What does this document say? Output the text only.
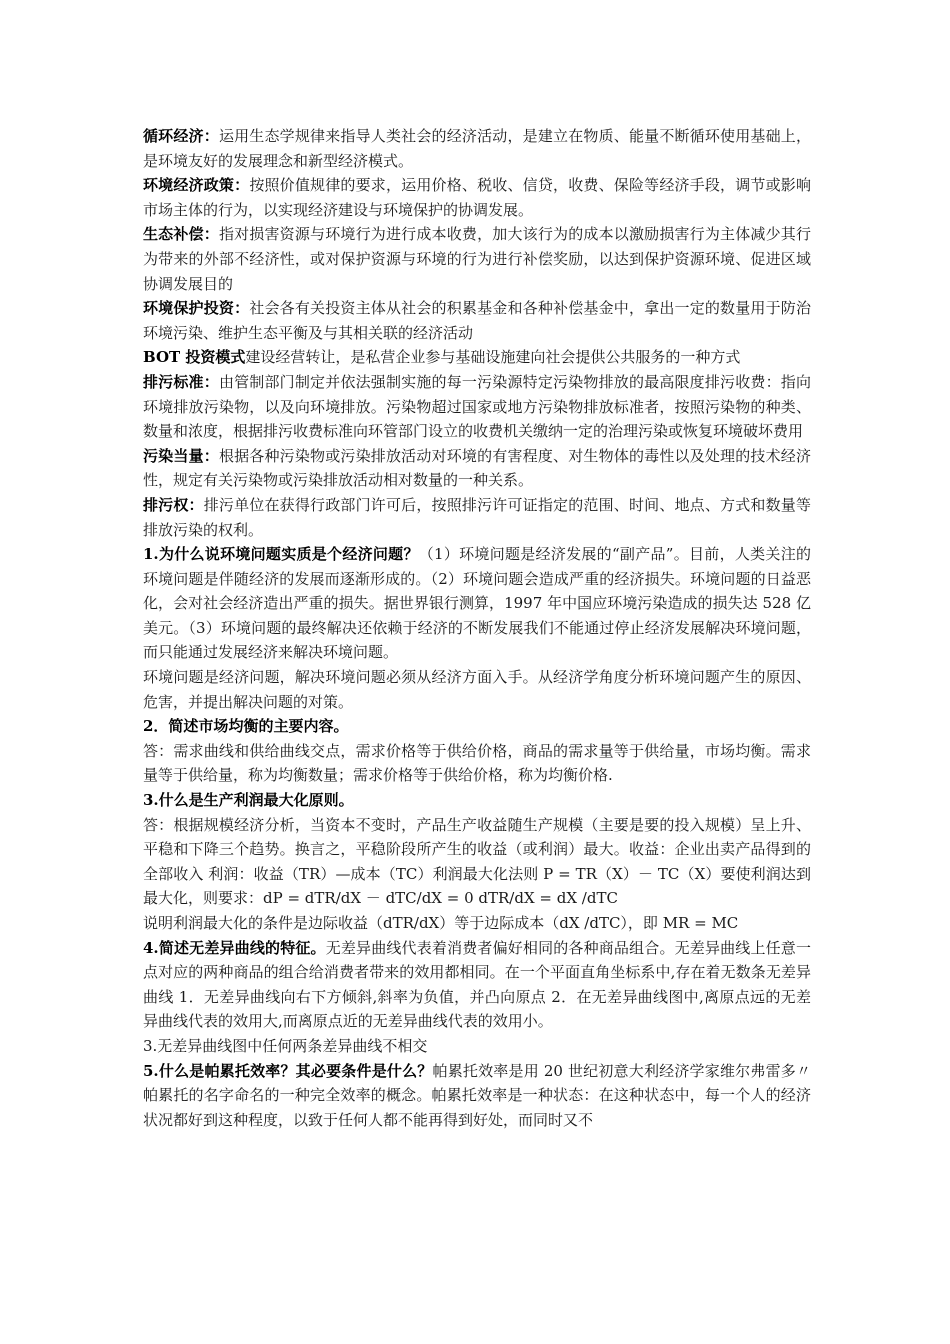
循环经济：运用生态学规律来指导人类社会的经济活动，是建立在物质、能量不断循环使用基础上，是环境友好的发展理念和新型经济模式。

环境经济政策：按照价值规律的要求，运用价格、税收、信贷，收费、保险等经济手段，调节或影响市场主体的行为，以实现经济建设与环境保护的协调发展。

生态补偿：指对损害资源与环境行为进行成本收费，加大该行为的成本以激励损害行为主体减少其行为带来的外部不经济性，或对保护资源与环境的行为进行补偿奖励，以达到保护资源环境、促进区域协调发展目的

环境保护投资：社会各有关投资主体从社会的积累基金和各种补偿基金中，拿出一定的数量用于防治环境污染、维护生态平衡及与其相关联的经济活动

BOT 投资模式建设经营转让，是私营企业参与基础设施建向社会提供公共服务的一种方式

排污标准：由管制部门制定并依法强制实施的每一污染源特定污染物排放的最高限度排污收费：指向环境排放污染物，以及向环境排放。污染物超过国家或地方污染物排放标准者，按照污染物的种类、数量和浓度，根据排污收费标准向环管部门设立的收费机关缴纳一定的治理污染或恢复环境破坏费用

污染当量：根据各种污染物或污染排放活动对环境的有害程度、对生物体的毒性以及处理的技术经济性，规定有关污染物或污染排放活动相对数量的一种关系。

排污权：排污单位在获得行政部门许可后，按照排污许可证指定的范围、时间、地点、方式和数量等排放污染的权利。

1.为什么说环境问题实质是个经济问题？（1）环境问题是经济发展的“副产品”。目前，人类关注的环境问题是伴随经济的发展而逐渐形成的。（2）环境问题会造成严重的经济损失。环境问题的日益恶化，会对社会经济造出严重的损失。据世界银行测算，1997 年中国应环境污染造成的损失达 528 亿美元。（3）环境问题的最终解决还依赖于经济的不断发展我们不能通过停止经济发展解决环境问题，而只能通过发展经济来解决环境问题。

环境问题是经济问题，解决环境问题必须从经济方面入手。从经济学角度分析环境问题产生的原因、危害，并提出解决问题的对策。

2．简述市场均衡的主要内容。

答：需求曲线和供给曲线交点，需求价格等于供给价格，商品的需求量等于供给量，市场均衡。需求量等于供给量，称为均衡数量；需求价格等于供给价格，称为均衡价格.

3.什么是生产利润最大化原则。

答：根据规模经济分析，当资本不变时，产品生产收益随生产规模（主要是要的投入规模）呈上升、平稳和下降三个趋势。换言之，平稳阶段所产生的收益（或利润）最大。收益：企业出卖产品得到的全部收入 利润：收益（TR）—成本（TC）利润最大化法则 P = TR（X）－ TC（X）要使利润达到最大化，则要求：dP = dTR/dX － dTC/dX = 0 dTR/dX = dX /dTC

说明利润最大化的条件是边际收益（dTR/dX）等于边际成本（dX /dTC），即 MR = MC

4.简述无差异曲线的特征。无差异曲线代表着消费者偏好相同的各种商品组合。无差异曲线上任意一点对应的两种商品的组合给消费者带来的效用都相同。在一个平面直角坐标系中,存在着无数条无差异曲线 1．无差异曲线向右下方倾斜,斜率为负值，并凸向原点 2．在无差异曲线图中,离原点远的无差异曲线代表的效用大,而离原点近的无差异曲线代表的效用小。

3.无差异曲线图中任何两条差异曲线不相交

5.什么是帕累托效率？其必要条件是什么？帕累托效率是用 20 世纪初意大利经济学家维尔弗雷多〃帕累托的名字命名的一种完全效率的概念。帕累托效率是一种状态：在这种状态中，每一个人的经济状况都好到这种程度，以致于任何人都不能再得到好处，而同时又不
